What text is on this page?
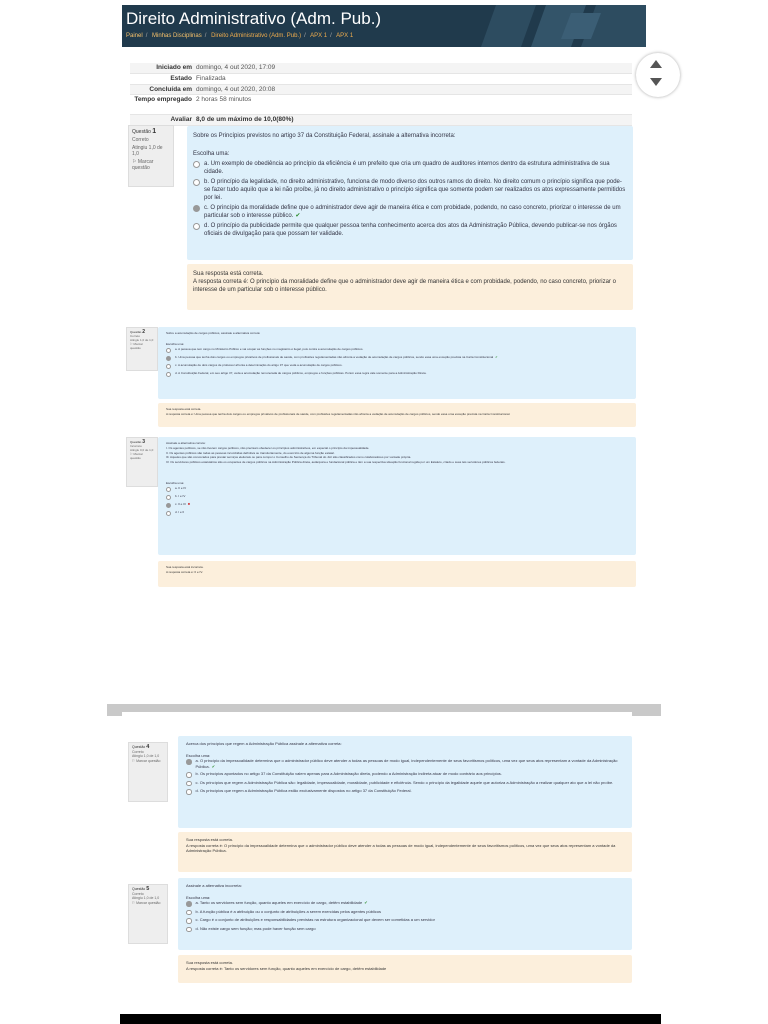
Direito Administrativo (Adm. Pub.)
Painel / Minhas Disciplinas / Direito Administrativo (Adm. Pub.) / APX 1 / APX 1
Iniciado em domingo, 4 out 2020, 17:09
Estado Finalizada
Concluída em domingo, 4 out 2020, 20:08
Tempo empregado 2 horas 58 minutos
Avaliar 8,0 de um máximo de 10,0(80%)
Questão 1
Correto
Atingiu 1,0 de 1,0
⚐ Marcar questão
Sobre os Princípios previstos no artigo 37 da Constituição Federal, assinale a alternativa incorreta:
Escolha uma:
a. Um exemplo de obediência ao princípio da eficiência é um prefeito que cria um quadro de auditores internos dentro da estrutura administrativa de sua cidade.
b. O princípio da legalidade, no direito administrativo, funciona de modo diverso dos outros ramos do direito. No direito comum o princípio significa que pode-se fazer tudo aquilo que a lei não proíbe, já no direito administrativo o princípio significa que somente podem ser realizados os atos expressamente permitidos por lei.
c. O princípio da moralidade define que o administrador deve agir de maneira ética e com probidade, podendo, no caso concreto, priorizar o interesse de um particular sob o interesse público. ✔
d. O princípio da publicidade permite que qualquer pessoa tenha conhecimento acerca dos atos da Administração Pública, devendo publicar-se nos órgãos oficiais de divulgação para que possam ter validade.
Sua resposta está correta.
A resposta correta é: O princípio da moralidade define que o administrador deve agir de maneira ética e com probidade, podendo, no caso concreto, priorizar o interesse de um particular sob o interesse público.
Questão 2
Correto
Atingiu 1,0 de 1,0
⚐ Marcar questão
Sobre a acumulação de cargos públicos, assinale a alternativa correta:
Escolha uma:
a. A pessoa que tem cargo no Ministério Público e vai ocupar as funções no magistério é ilegal, pois contra a acumulação de cargos públicos.
b. Uma pessoa que tenha dois cargos ou empregos privativos de profissionais de saúde, com profissões regulamentadas não afronta a vedação de acumulação de cargos públicos, sendo essa uma exceção prevista na Carta Constitucional ✔
c. A acumulação de dois cargos de professor afronta a determinação do artigo 37 que veda a acumulação de cargos públicos.
d. A Constituição Federal, em seu artigo 37, veda a acumulação remunerada de cargos públicos, empregos e funções públicas. Porém essa regra vale somente para a Administração Direta.
Sua resposta está correta.
A resposta correta é: Uma pessoa que tenha dois cargos ou empregos privativos de profissionais de saúde, com profissões regulamentadas não afronta a vedação de acumulação de cargos públicos, sendo essa uma exceção prevista na Carta Constitucional.
Questão 3
Incorreto
Atingiu 0,0 de 1,0
⚐ Marcar questão
Assinale a alternativa correta:
I. Os agentes políticos, se não tiverem cargos políticos, não precisam obedecer os princípios administrativos, em especial o princípio da impessoalidade.
II. Os agentes públicos são todas as pessoas incumbidas definitiva ou transitoriamente, do exercício de alguma função estatal.
III. Aqueles que são convocados para prestar serviços eleitorais ou para compor o Conselho de Sentença do Tribunal do Júri são classificados como colaboradores por vontade própria.
IV. Os servidores públicos estatutários são os ocupantes de cargos públicos na Administração Pública direta, autárquica e fundacional pública e têm a sua respectiva situação funcional regida por um Estatuto, criado e suas leis servidores públicos federais.
Escolha uma:
a. II e IV
b. I e IV
c. II e III ✖
d. I e II
Sua resposta está incorreta.
A resposta correta é: II e IV.
Questão 4
Correto
Atingiu 1,0 de 1,0
⚐ Marcar questão
Acerca dos princípios que regem a Administração Pública assinale a alternativa correta:
Escolha uma:
a. O princípio da impessoalidade determina que o administrador público deve atender a todas as pessoas de modo igual, independentemente de seus favoritismos políticos, uma vez que seus atos representam a vontade da Administração Pública. ✔
b. Os princípios apontados no artigo 37 da Constituição valem apenas para a Administração direta, podendo a Administração indireta atuar de modo contrário aos princípios.
c. Os princípios que regem a Administração Pública são: legalidade, impessoalidade, moralidade, publicidade e eficiência. Sendo o princípio da legalidade aquele que autoriza a Administração a realizar qualquer ato que a lei não proíbe.
d. Os princípios que regem a Administração Pública estão exclusivamente dispostos no artigo 37 da Constituição Federal.
Sua resposta está correta.
A resposta correta é: O princípio da impessoalidade determina que o administrador público deve atender a todas as pessoas de modo igual, independentemente de seus favoritismos políticos, uma vez que seus atos representam a vontade da Administração Pública.
Questão 5
Correto
Atingiu 1,0 de 1,0
⚐ Marcar questão
Assinale a alternativa incorreta:
Escolha uma:
a. Tanto os servidores sem função, quanto aqueles em exercício de cargo, detêm estabilidade ✔
b. A função pública é a atribuição ou o conjunto de atribuições a serem exercidas pelos agentes públicos
c. Cargo é o conjunto de atribuições e responsabilidades previstas na estrutura organizacional que devem ser cometidas a um servidor
d. Não existe cargo sem função; mas pode haver função sem cargo
Sua resposta está correta.
A resposta correta é: Tanto os servidores sem função, quanto aqueles em exercício de cargo, detêm estabilidade
